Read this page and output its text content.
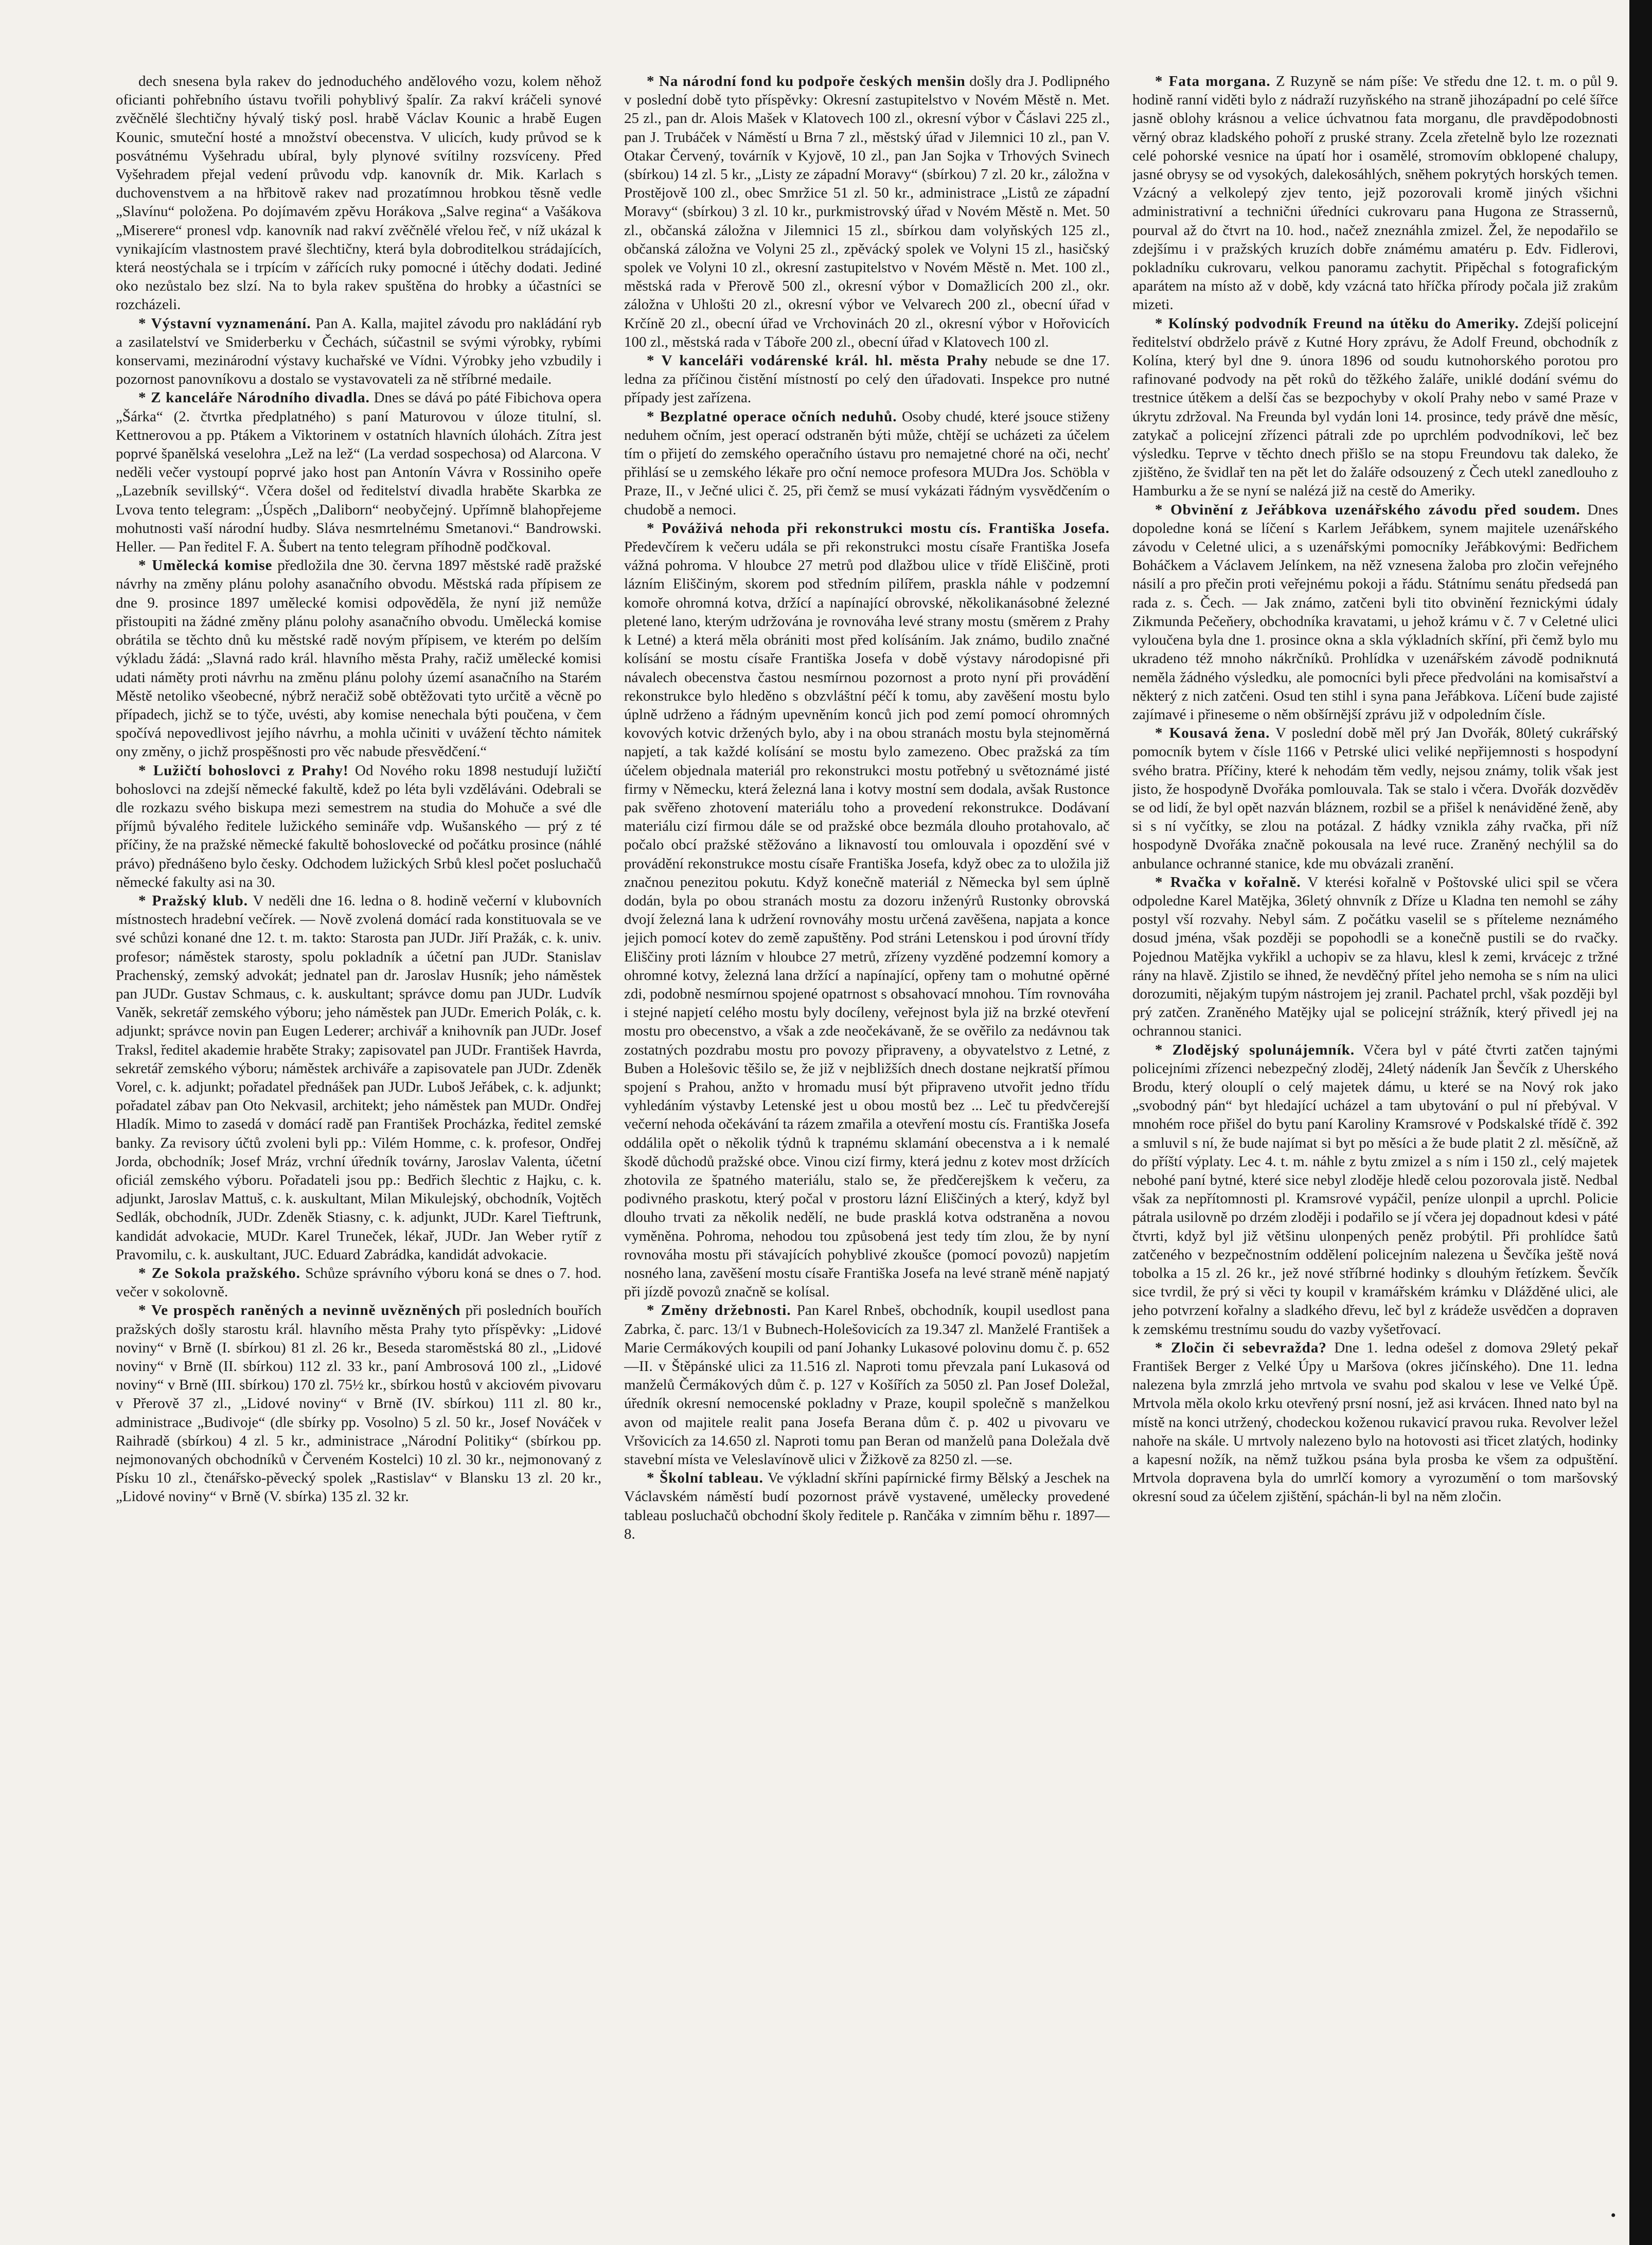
dech snesena byla rakev do jednoduchého andělového vozu, kolem něhož oficianti pohřebního ústavu tvořili pohyblivý špalír. Za rakví kráčeli synové zvěčnělé šlechtičny hývalý tiský posl. hrabě Václav Kounic a hrabě Eugen Kounic, smuteční hosté a množství obecenstva. V ulicích, kudy průvod se k posvátnému Vyšehradu ubíral, byly plynové svítilny rozsvíceny. Před Vyšehradem přejal vedení průvodu vdp. kanovník dr. Mik. Karlach s duchovenstvem a na hřbitově rakev nad prozatímnou hrobkou těsně vedle „Slavínu“ položena. Po dojímavém zpěvu Horákova „Salve regina“ a Vašákova „Miserere“ pronesl vdp. kanovník nad rakví zvěčnělé vřelou řeč, v níž ukázal k vynikajícím vlastnostem pravé šlechtičny, která byla dobroditelkou strádajících, která neostýchala se i trpícím v zářících ruky pomocné i útěchy dodati. Jediné oko nezůstalo bez slzí. Na to byla rakev spuštěna do hrobky a účastníci se rozcházeli.

* Výstavní vyznamenání. Pan A. Kalla, majitel závodu pro nakládání ryb a zasilatelství ve Smiderberku v Čechách, súčastnil se svými výrobky, rybími konservami, mezinárodní výstavy kuchařské ve Vídni. Výrobky jeho vzbudily i pozornost panovníkovu a dostalo se vystavovateli za ně stříbrné medaile.

* Z kanceláře Národního divadla. Dnes se dává po páté Fibichova opera „Šárka“ (2. čtvrtka předplatného) s paní Maturovou v úloze titulní, sl. Kettnerovou a pp. Ptákem a Viktorinem v ostatních hlavních úlohách. Zítra jest poprvé španělská veselohra „Lež na lež“ (La verdad sospechosa) od Alarcona. V neděli večer vystoupí poprvé jako host pan Antonín Vávra v Rossiniho opeře „Lazebník sevillský“. Včera došel od ředitelství divadla hraběte Skarbka ze Lvova tento telegram: „Úspěch „Daliborn“ neobyčejný. Upřímně blahopřejeme mohutnosti vaší národní hudby. Sláva nesmrtelnému Smetanovi.“ Bandrowski. Heller. — Pan ředitel F. A. Šubert na tento telegram příhodně podčkoval.

* Umělecká komise předložila dne 30. června 1897 městské radě pražské návrhy na změny plánu polohy asanačního obvodu. Městská rada přípisem ze dne 9. prosince 1897 umělecké komisi odpověděla, že nyní již nemůže přistoupiti na žádné změny plánu polohy asanačního obvodu. Umělecká komise obrátila se těchto dnů ku městské radě novým přípisem, ve kterém po delším výkladu žádá: „Slavná rado král. hlavního města Prahy, račiž umělecké komisi udati náměty proti návrhu na změnu plánu polohy území asanačního na Starém Městě netoliko všeobecné, nýbrž neračiž sobě obtěžovati tyto určitě a věcně po případech, jichž se to týče, uvésti, aby komise nenechala býti poučena, v čem spočívá nepovedlivost jejího návrhu, a mohla učiniti v uvážení těchto námitek ony změny, o jichž prospěšnosti pro věc nabude přesvědčení.“

* Lužičtí bohoslovci z Prahy! Od Nového roku 1898 nestudují lužičtí bohoslovci na zdejší německé fakultě, kdež po léta byli vzděláváni. Odebrali se dle rozkazu svého biskupa mezi semestrem na studia do Mohuče a své dle příjmů bývalého ředitele lužického semináře vdp. Wušanského — prý z té příčiny, že na pražské německé fakultě bohoslovecké od počátku prosince (náhlé právo) přednášeno bylo česky. Odchodem lužických Srbů klesl počet posluchačů německé fakulty asi na 30.

* Pražský klub. V neděli dne 16. ledna o 8. hodině večerní v klubovních místnostech hradební večírek. — Nově zvolená domácí rada konstituovala se ve své schůzi konané dne 12. t. m. takto: Starosta pan JUDr. Jiří Pražák, c. k. univ. profesor; náměstek starosty, spolu pokladník a účetní pan JUDr. Stanislav Prachenský, zemský advokát; jednatel pan dr. Jaroslav Husník; jeho náměstek pan JUDr. Gustav Schmaus, c. k. auskultant; správce domu pan JUDr. Ludvík Vaněk, sekretář zemského výboru; jeho náměstek pan JUDr. Emerich Polák, c. k. adjunkt; správce novin pan Eugen Lederer; archivář a knihovník pan JUDr. Josef Traksl, ředitel akademie hraběte Straky; zapisovatel pan JUDr. František Havrda, sekretář zemského výboru; náměstek archiváře a zapisovatele pan JUDr. Zdeněk Vorel, c. k. adjunkt; pořadatel přednášek pan JUDr. Luboš Jeřábek, c. k. adjunkt; pořadatel zábav pan Oto Nekvasil, architekt; jeho náměstek pan MUDr. Ondřej Hladík. Mimo to zasedá v domácí radě pan František Procházka, ředitel zemské banky. Za revisory účtů zvoleni byli pp.: Vilém Homme, c. k. profesor, Ondřej Jorda, obchodník; Josef Mráz, vrchní úředník továrny, Jaroslav Valenta, účetní oficiál zemského výboru. Pořadateli jsou pp.: Bedřich šlechtic z Hajku, c. k. adjunkt, Jaroslav Mattuš, c. k. auskultant, Milan Mikulejský, obchodník, Vojtěch Sedlák, obchodník, JUDr. Zdeněk Stiasny, c. k. adjunkt, JUDr. Karel Tieftrunk, kandidát advokacie, MUDr. Karel Truneček, lékař, JUDr. Jan Weber rytíř z Pravomilu, c. k. auskultant, JUC. Eduard Zabrádka, kandidát advokacie.

* Ze Sokola pražského. Schůze správního výboru koná se dnes o 7. hod. večer v sokolovně.

* Ve prospěch raněných a nevinně uvězněných při posledních bouřích pražských došly starostu král. hlavního města Prahy tyto příspěvky: „Lidové noviny“ v Brně (I. sbírkou) 81 zl. 26 kr., Beseda staroměstská 80 zl., „Lidové noviny“ v Brně (II. sbírkou) 112 zl. 33 kr., paní Ambrosová 100 zl., „Lidové noviny“ v Brně (III. sbírkou) 170 zl. 75½ kr., sbírkou hostů v akciovém pivovaru v Přerově 37 zl., „Lidové noviny“ v Brně (IV. sbírkou) 111 zl. 80 kr., administrace „Budivoje“ (dle sbírky pp. Vosolno) 5 zl. 50 kr., Josef Nováček v Raihradě (sbírkou) 4 zl. 5 kr., administrace „Národní Politiky“ (sbírkou pp. nejmonovaných obchodníků v Červeném Kostelci) 10 zl. 30 kr., nejmonovaný z Písku 10 zl., čtenářsko-pěvecký spolek „Rastislav“ v Blansku 13 zl. 20 kr., „Lidové noviny“ v Brně (V. sbírka) 135 zl. 32 kr.

* Na národní fond ku podpoře českých menšin došly dra J. Podlipného v poslední době tyto příspěvky: Okresní zastupitelstvo v Novém Městě n. Met. 25 zl., pan dr. Alois Mašek v Klatovech 100 zl., okresní výbor v Čáslavi 225 zl., pan J. Trubáček v Náměstí u Brna 7 zl., městský úřad v Jilemnici 10 zl., pan V. Otakar Červený, továrník v Kyjově, 10 zl., pan Jan Sojka v Trhových Svinech (sbírkou) 14 zl. 5 kr., „Listy ze západní Moravy“ (sbírkou) 7 zl. 20 kr., záložna v Prostějově 100 zl., obec Smržice 51 zl. 50 kr., administrace „Listů ze západní Moravy“ (sbírkou) 3 zl. 10 kr., purkmistrovský úřad v Novém Městě n. Met. 50 zl., občanská záložna v Jilemnici 15 zl., sbírkou dam volyňských 125 zl., občanská záložna ve Volyni 25 zl., zpěvácký spolek ve Volyni 15 zl., hasičský spolek ve Volyni 10 zl., okresní zastupitelstvo v Novém Městě n. Met. 100 zl., městská rada v Přerově 500 zl., okresní výbor v Domažlicích 200 zl., okr. záložna v Uhlošti 20 zl., okresní výbor ve Velvarech 200 zl., obecní úřad v Krčíně 20 zl., obecní úřad ve Vrchovinách 20 zl., okresní výbor v Hořovicích 100 zl., městská rada v Táboře 200 zl., obecní úřad v Klatovech 100 zl.

* V kanceláři vodárenské král. hl. města Prahy nebude se dne 17. ledna za příčinou čistění místností po celý den úřadovati. Inspekce pro nutné případy jest zařízena.

* Bezplatné operace očních neduhů. Osoby chudé, které jsouce stiženy neduhem očním, jest operací odstraněn býti může, chtějí se ucházeti za účelem tím o přijetí do zemského operačního ústavu pro nemajetné choré na oči, nechť přihlásí se u zemského lékaře pro oční nemoce profesora MUDra Jos. Schöbla v Praze, II., v Ječné ulici č. 25, při čemž se musí vykázati řádným vysvědčením o chudobě a nemoci.

* Pováživá nehoda při rekonstrukci mostu cís. Františka Josefa. Předevčírem k večeru udála se při rekonstrukci mostu císaře Františka Josefa vážná pohroma. V hloubce 27 metrů pod dlažbou ulice v třídě Eliščině, proti lázním Eliščiným, skorem pod středním pilířem, praskla náhle v podzemní komoře ohromná kotva, držící a napínající obrovské, několikanásobné železné pletené lano, kterým udržována je rovnováha levé strany mostu (směrem z Prahy k Letné) a která měla obrániti most před kolísáním. Jak známo, budilo značné kolísání se mostu císaře Františka Josefa v době výstavy národopisné při návalech obecenstva častou nesmírnou pozornost a proto nyní při provádění rekonstrukce bylo hleděno s obzvláštní péčí k tomu, aby zavěšení mostu bylo úplně udrženo a řádným upevněním konců jich pod zemí pomocí ohromných kovových kotvic držených bylo, aby i na obou stranách mostu byla stejnoměrná napjetí, a tak každé kolísání se mostu bylo zamezeno. Obec pražská za tím účelem objednala materiál pro rekonstrukci mostu potřebný u světoznámé jisté firmy v Německu, která železná lana i kotvy mostní sem dodala, avšak Rustonce pak svěřeno zhotovení materiálu toho a provedení rekonstrukce. Dodávaní materiálu cizí firmou dále se od pražské obce bezmála dlouho protahovalo, ač počalo obcí pražské stěžováno a liknavostí tou omlouvala i opozdění své v provádění rekonstrukce mostu císaře Františka Josefa, když obec za to uložila již značnou penezitou pokutu. Když konečně materiál z Německa byl sem úplně dodán, byla po obou stranách mostu za dozoru inženýrů Rustonky obrovská dvojí železná lana k udržení rovnováhy mostu určená zavěšena, napjata a konce jejich pomocí kotev do země zapuštěny. Pod stráni Letenskou i pod úrovní třídy Eliščiny proti lázním v hloubce 27 metrů, zřízeny vyzděné podzemní komory a ohromné kotvy, železná lana držící a napínající, opřeny tam o mohutné opěrné zdi, podobně nesmírnou spojené opatrnost s obsahovací mnohou. Tím rovnováha i stejné napjetí celého mostu byly docíleny, veřejnost byla již na brzké otevření mostu pro obecenstvo, a však a zde neočekávaně, že se ověřilo za nedávnou tak zostatných pozdrabu mostu pro povozy připraveny, a obyvatelstvo z Letné, z Buben a Holešovic těšilo se, že již v nejbližších dnech dostane nejkratší přímou spojení s Prahou, anžto v hromadu musí být připraveno utvořit jedno třídu vyhledáním výstavby Letenské jest u obou mostů bez ... Leč tu předvčerejší večerní nehoda očekávání ta rázem zmařila a otevření mostu cís. Františka Josefa oddálila opět o několik týdnů k trapnému sklamání obecenstva a i k nemalé škodě důchodů pražské obce. Vinou cizí firmy, která jednu z kotev most držících zhotovila ze špatného materiálu, stalo se, že předčerejškem k večeru, za podivného praskotu, který počal v prostoru lázní Eliščiných a který, když byl dlouho trvati za několik nedělí, ne bude prasklá kotva odstraněna a novou vyměněna. Pohroma, nehodou tou způsobená jest tedy tím zlou, že by nyní rovnováha mostu při stávajících pohyblivé zkoušce (pomocí povozů) napjetím nosného lana, zavěšení mostu císaře Františka Josefa na levé straně méně napjatý při jízdě povozů značně se kolísal.

* Změny držebnosti. Pan Karel Rnbeš, obchodník, koupil usedlost pana Zabrka, č. parc. 13/1 v Bubnech-Holešovicích za 19.347 zl. Manželé František a Marie Cermákových koupili od paní Johanky Lukasové polovinu domu č. p. 652—II. v Štěpánské ulici za 11.516 zl. Naproti tomu převzala paní Lukasová od manželů Čermákových dům č. p. 127 v Košířích za 5050 zl. Pan Josef Doležal, úředník okresní nemocenské pokladny v Praze, koupil společně s manželkou avon od majitele realit pana Josefa Berana dům č. p. 402 u pivovaru ve Vršovicích za 14.650 zl. Naproti tomu pan Beran od manželů pana Doležala dvě stavební místa ve Veleslavínově ulici v Žižkově za 8250 zl. —se.

* Školní tableau. Ve výkladní skříni papírnické firmy Bělský a Jeschek na Václavském náměstí budí pozornost právě vystavené, umělecky provedené tableau posluchačů obchodní školy ředitele p. Rančáka v zimním běhu r. 1897—8.

* Fata morgana. Z Ruzyně se nám píše: Ve středu dne 12. t. m. o půl 9. hodině ranní viděti bylo z nádraží ruzyňského na straně jihozápadní po celé šířce jasně oblohy krásnou a velice úchvatnou fata morganu, dle pravděpodobnosti věrný obraz kladského pohoří z pruské strany. Zcela zřetelně bylo lze rozeznati celé pohorské vesnice na úpatí hor i osamělé, stromovím obklopené chalupy, jasné obrysy se od vysokých, dalekosáhlých, sněhem pokrytých horských temen. Vzácný a velkolepý zjev tento, jejž pozorovali kromě jiných všichni administrativní a technični úředníci cukrovaru pana Hugona ze Strassernů, pourval až do čtvrt na 10. hod., načež zneznáhla zmizel. Žel, že nepodařilo se zdejšímu i v pražských kruzích dobře známému amatéru p. Edv. Fidlerovi, pokladníku cukrovaru, velkou panoramu zachytit. Připěchal s fotografickým aparátem na místo až v době, kdy vzácná tato hříčka přírody počala již zrakům mizeti.

* Kolínský podvodník Freund na útěku do Ameriky. Zdejší policejní ředitelství obdrželo právě z Kutné Hory zprávu, že Adolf Freund, obchodník z Kolína, který byl dne 9. února 1896 od soudu kutnohorského porotou pro rafinované podvody na pět roků do těžkého žaláře, uniklé dodání svému do trestnice útěkem a delší čas se bezpochyby v okolí Prahy nebo v samé Praze v úkrytu zdržoval. Na Freunda byl vydán loni 14. prosince, tedy právě dne měsíc, zatykač a policejní zřízenci pátrali zde po uprchlém podvodníkovi, leč bez výsledku. Teprve v těchto dnech přišlo se na stopu Freundovu tak daleko, že zjištěno, že švidlař ten na pět let do žaláře odsouzený z Čech utekl zanedlouho z Hamburku a že se nyní se nalézá již na cestě do Ameriky.

* Obvinění z Jeřábkova uzenářského závodu před soudem. Dnes dopoledne koná se líčení s Karlem Jeřábkem, synem majitele uzenářského závodu v Celetné ulici, a s uzenářskými pomocníky Jeřábkovými: Bedřichem Boháčkem a Václavem Jelínkem, na něž vznesena žaloba pro zločin veřejného násilí a pro přečin proti veřejnému pokoji a řádu. Státnímu senátu předsedá pan rada z. s. Čech. — Jak známo, zatčeni byli tito obvinění řeznickými údaly Zikmunda Pečeňery, obchodníka kravatami, u jehož krámu v č. 7 v Celetné ulici vyloučena byla dne 1. prosince okna a skla výkladních skříní, při čemž bylo mu ukradeno též mnoho nákrčníků. Prohlídka v uzenářském závodě podniknutá neměla žádného výsledku, ale pomocníci byli přece předvoláni na komisařství a některý z nich zatčeni. Osud ten stihl i syna pana Jeřábkova. Líčení bude zajisté zajímavé i přineseme o něm obšírnější zprávu již v odpoledním čísle.

* Kousavá žena. V poslední době měl prý Jan Dvořák, 80letý cukrářský pomocník bytem v čísle 1166 v Petrské ulici veliké nepřijemnosti s hospodyní svého bratra. Příčiny, které k nehodám těm vedly, nejsou známy, tolik však jest jisto, že hospodyně Dvořáka pomlouvala. Tak se stalo i včera. Dvořák dozvěděv se od lidí, že byl opět nazván bláznem, rozbil se a přišel k nenáviděné ženě, aby si s ní vyčítky, se zlou na potázal. Z hádky vznikla záhy rvačka, při níž hospodyně Dvořáka značně pokousala na levé ruce. Zraněný nechýlil sa do anbulance ochranné stanice, kde mu obvázali zranění.

* Rvačka v kořalně. V kterési kořalně v Poštovské ulici spil se včera odpoledne Karel Matějka, 36letý ohnvník z Dříze u Kladna ten nemohl se záhy postyl vší rozvahy. Nebyl sám. Z počátku vaselil se s příteleme neznámého dosud jména, však později se popohodli se a konečně pustili se do rvačky. Pojednou Matějka vykřikl a uchopiv se za hlavu, klesl k zemi, krvácejc z tržné rány na hlavě. Zjistilo se ihned, že nevděčný přítel jeho nemoha se s ním na ulici dorozumiti, nějakým tupým nástrojem jej zranil. Pachatel prchl, však později byl prý zatčen. Zraněného Matějky ujal se policejní strážník, který přivedl jej na ochrannou stanici.

* Zlodějský spolunájemník. Včera byl v páté čtvrti zatčen tajnými policejními zřízenci nebezpečný zloděj, 24letý nádeník Jan Ševčík z Uherského Brodu, který olouplí o celý majetek dámu, u které se na Nový rok jako „svobodný pán“ byt hledající ucházel a tam ubytování o pul ní přebýval. V mnohém roce přišel do bytu paní Karoliny Kramsrové v Podskalské třídě č. 392 a smluvil s ní, že bude najímat si byt po měsíci a že bude platit 2 zl. měsíčně, až do příští výplaty. Lec 4. t. m. náhle z bytu zmizel a s ním i 150 zl., celý majetek nebohé paní bytné, které sice nebyl zloděje hledě celou pozorovala jistě. Nedbal však za nepřítomnosti pl. Kramsrové vypáčil, peníze ulonpil a uprchl. Policie pátrala usilovně po drzém zloději i podařilo se jí včera jej dopadnout kdesi v páté čtvrti, když byl již většinu ulonpených peněz probýtil. Při prohlídce šatů zatčeného v bezpečnostním oddělení policejním nalezena u Ševčíka ještě nová tobolka a 15 zl. 26 kr., jež nové stříbrné hodinky s dlouhým řetízkem. Ševčík sice tvrdil, že prý si věci ty koupil v kramářském krámku v Dlážděné ulici, ale jeho potvrzení kořalny a sladkého dřevu, leč byl z krádeže usvědčen a dopraven k zemskému trestnímu soudu do vazby vyšetřovací.

* Zločin či sebevražda? Dne 1. ledna odešel z domova 29letý pekař František Berger z Velké Úpy u Maršova (okres jičínského). Dne 11. ledna nalezena byla zmrzlá jeho mrtvola ve svahu pod skalou v lese ve Velké Úpě. Mrtvola měla okolo krku otevřený prsní nosní, jež asi krvácen. Ihned nato byl na místě na konci utržený, chodeckou koženou rukavicí pravou ruka. Revolver ležel nahoře na skále. U mrtvoly nalezeno bylo na hotovosti asi třicet zlatých, hodinky a kapesní nožík, na němž tužkou psána byla prosba ke všem za odpuštění. Mrtvola dopravena byla do umrlčí komory a vyrozumění o tom maršovský okresní soud za účelem zjištění, spáchán-li byl na něm zločin.

•
